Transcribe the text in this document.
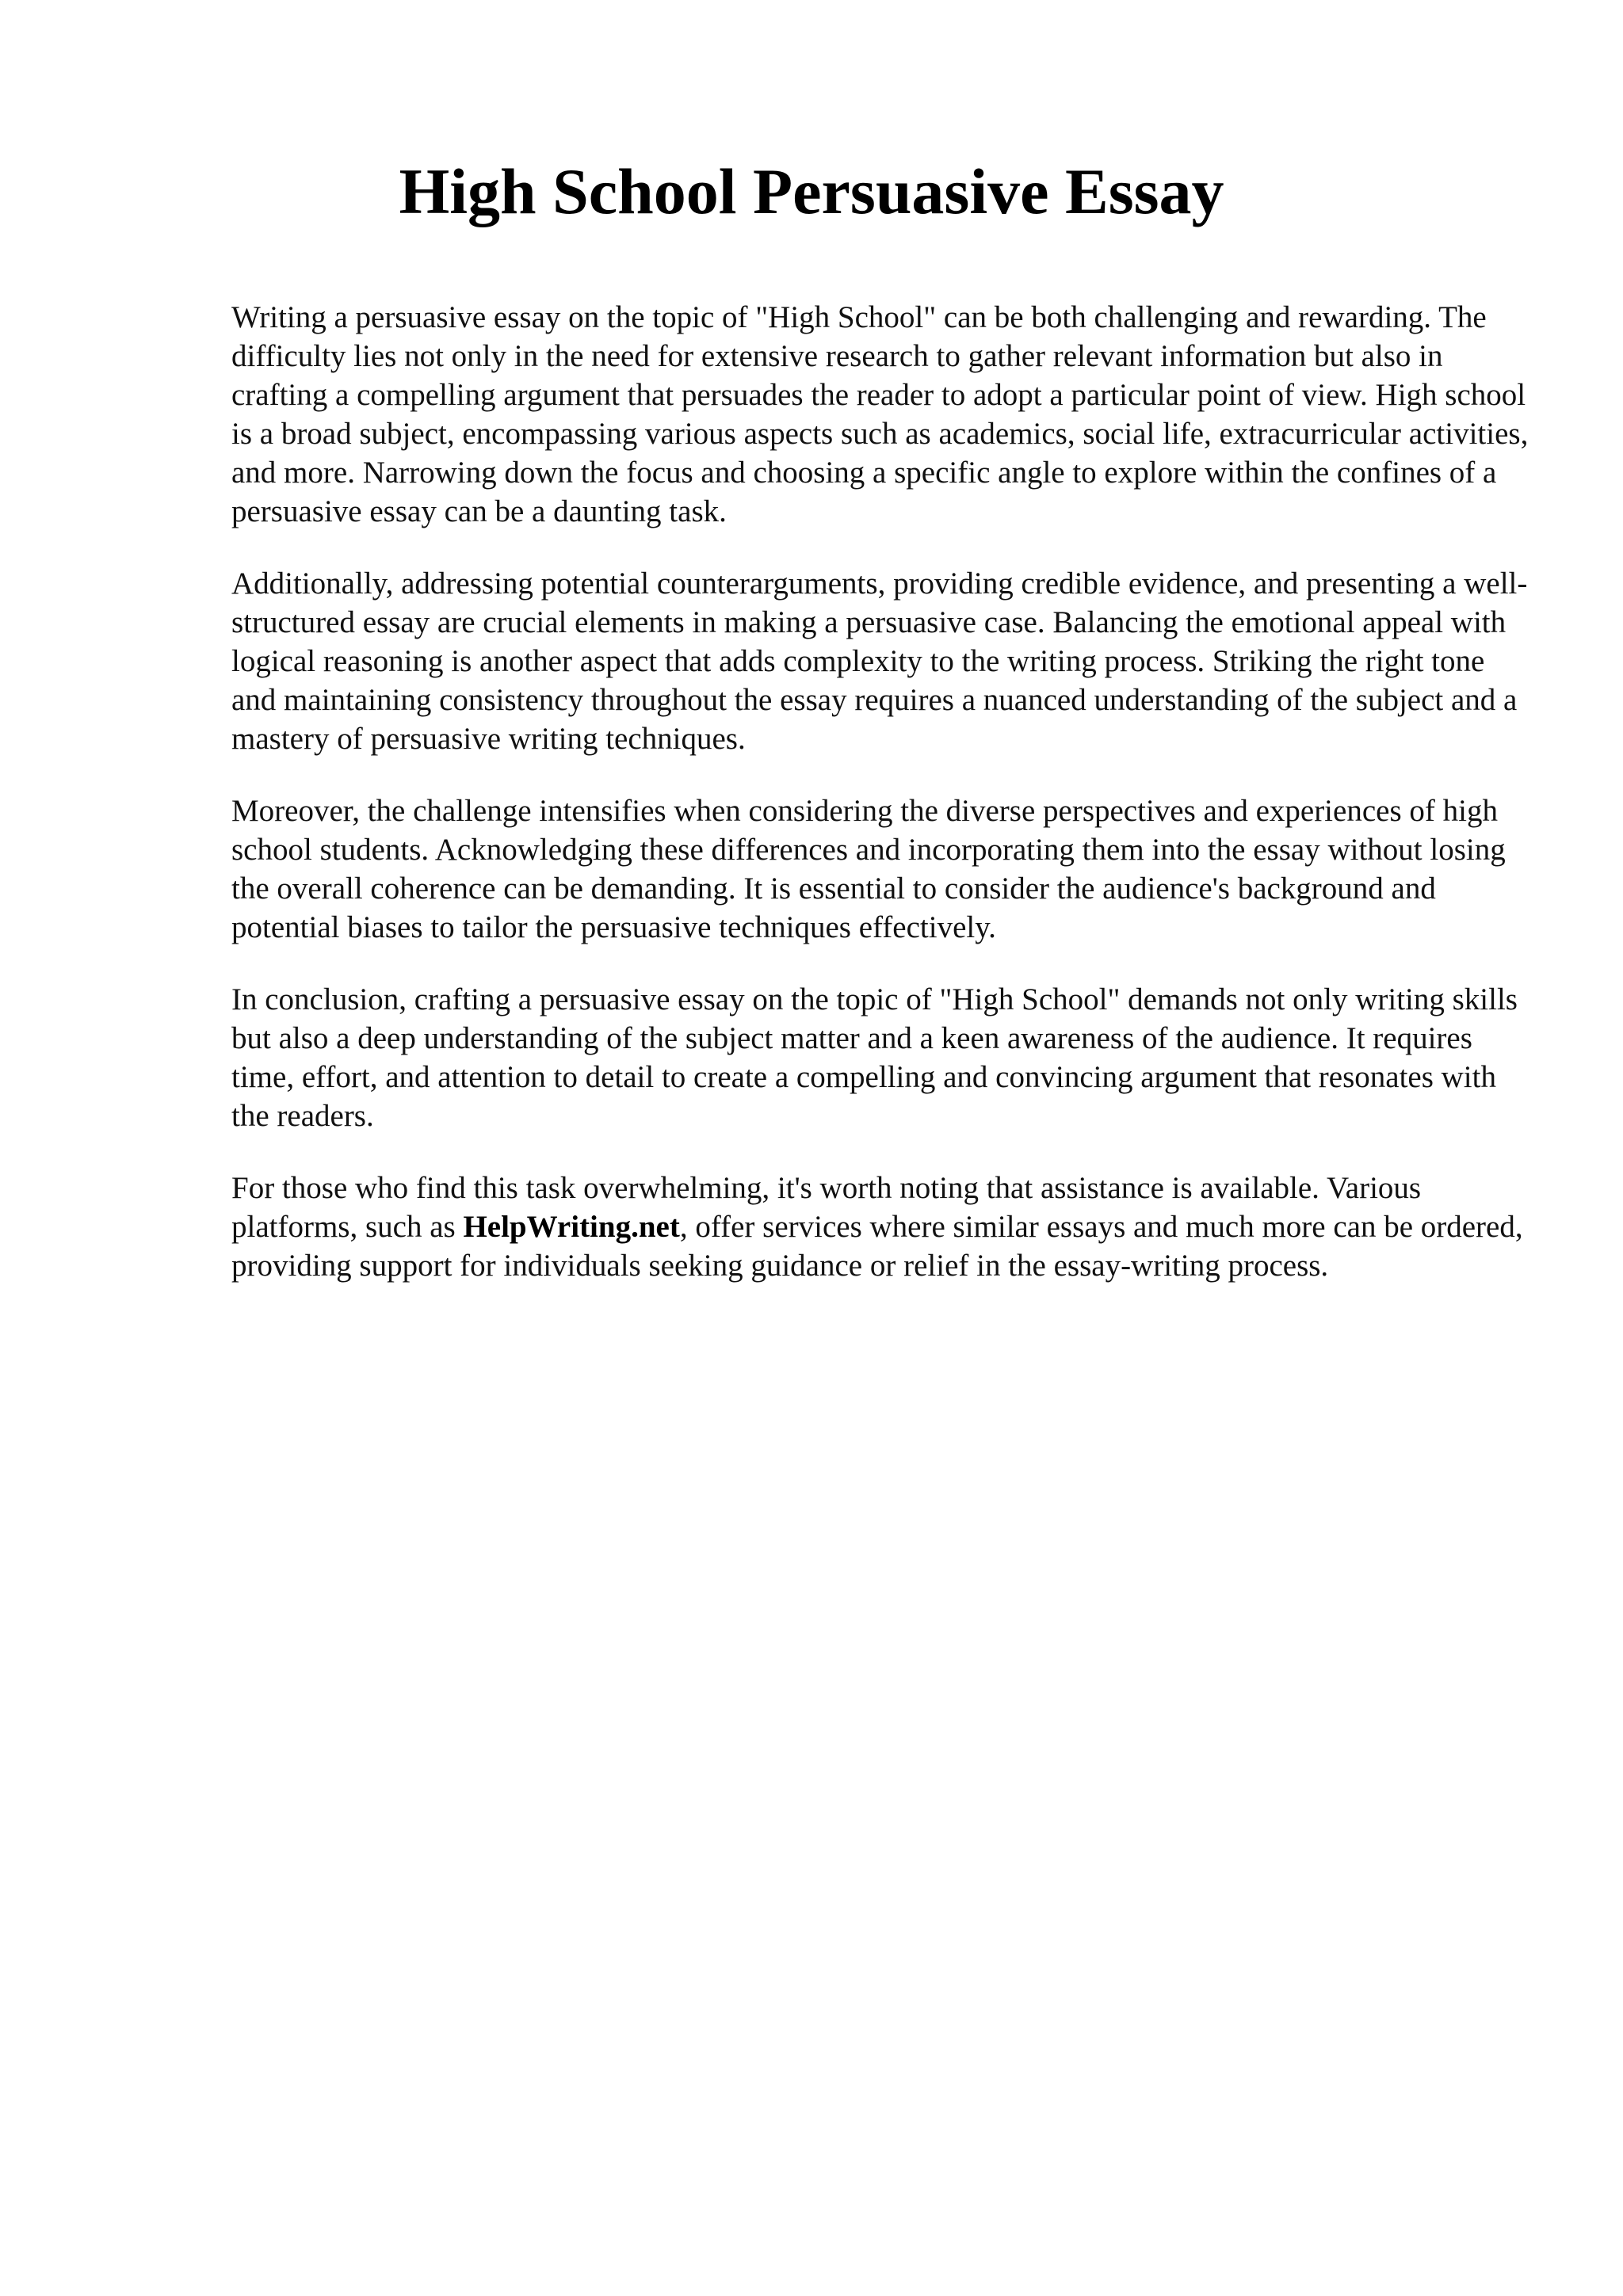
High School Persuasive Essay

Writing a persuasive essay on the topic of "High School" can be both challenging and rewarding. The difficulty lies not only in the need for extensive research to gather relevant information but also in crafting a compelling argument that persuades the reader to adopt a particular point of view. High school is a broad subject, encompassing various aspects such as academics, social life, extracurricular activities, and more. Narrowing down the focus and choosing a specific angle to explore within the confines of a persuasive essay can be a daunting task.

Additionally, addressing potential counterarguments, providing credible evidence, and presenting a well-structured essay are crucial elements in making a persuasive case. Balancing the emotional appeal with logical reasoning is another aspect that adds complexity to the writing process. Striking the right tone and maintaining consistency throughout the essay requires a nuanced understanding of the subject and a mastery of persuasive writing techniques.

Moreover, the challenge intensifies when considering the diverse perspectives and experiences of high school students. Acknowledging these differences and incorporating them into the essay without losing the overall coherence can be demanding. It is essential to consider the audience's background and potential biases to tailor the persuasive techniques effectively.

In conclusion, crafting a persuasive essay on the topic of "High School" demands not only writing skills but also a deep understanding of the subject matter and a keen awareness of the audience. It requires time, effort, and attention to detail to create a compelling and convincing argument that resonates with the readers.

For those who find this task overwhelming, it's worth noting that assistance is available. Various platforms, such as HelpWriting.net, offer services where similar essays and much more can be ordered, providing support for individuals seeking guidance or relief in the essay-writing process.
